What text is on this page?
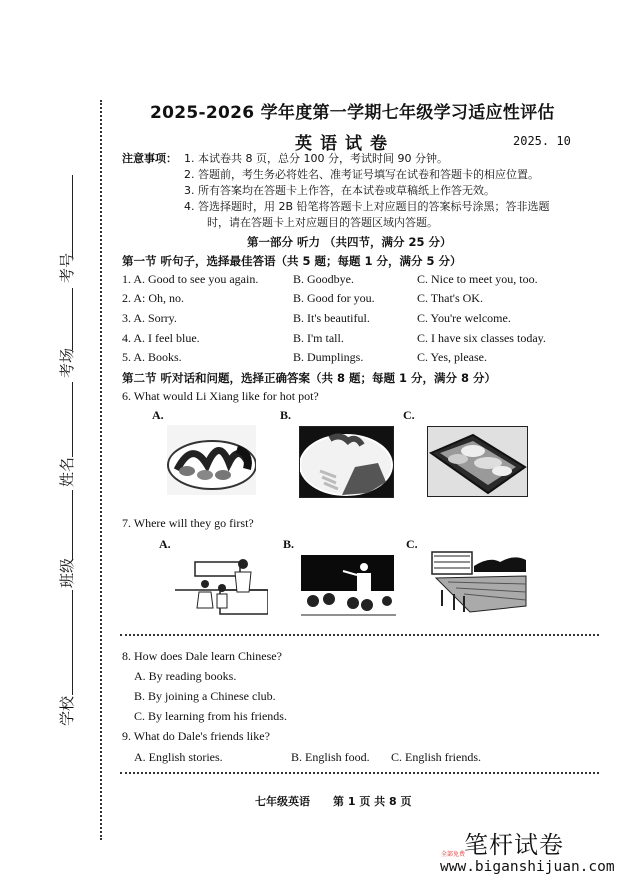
考号
考场
姓名
班级
学校
2025-2026 学年度第一学期七年级学习适应性评估
英语试卷	2025. 10
注意事项： 1. 本试卷共 8 页，总分 100 分，考试时间 90 分钟。
2. 答题前，考生务必将姓名、准考证号填写在试卷和答题卡的相应位置。
3. 所有答案均在答题卡上作答，在本试卷或草稿纸上作答无效。
4. 答选择题时，用 2B 铅笔将答题卡上对应题目的答案标号涂黑；答非选题
时，请在答题卡上对应题目的答题区域内答题。
第一部分 听力 （共四节，满分 25 分）
第一节 听句子，选择最佳答语（共 5 题；每题 1 分，满分 5 分）
1. A. Good to see you again.	B. Goodbye.	C. Nice to meet you, too.
2. A: Oh, no.	B. Good for you.	C. That's OK.
3. A. Sorry.	B. It's beautiful.	C. You're welcome.
4. A. I feel blue.	B. I'm tall.	C. I have six classes today.
5. A. Books.	B. Dumplings.	C. Yes, please.
第二节 听对话和问题，选择正确答案（共 8 题；每题 1 分，满分 8 分）
6. What would Li Xiang like for hot pot?
A.	B.	C.
7. Where will they go first?
A.	B.	C.
8. How does Dale learn Chinese?
A. By reading books.
B. By joining a Chinese club.
C. By learning from his friends.
9. What do Dale's friends like?
A. English stories.	B. English food. C. English friends.
七年级英语 第 1 页 共 8 页
笔杆试卷
全部免费
www.biganshijuan.com
